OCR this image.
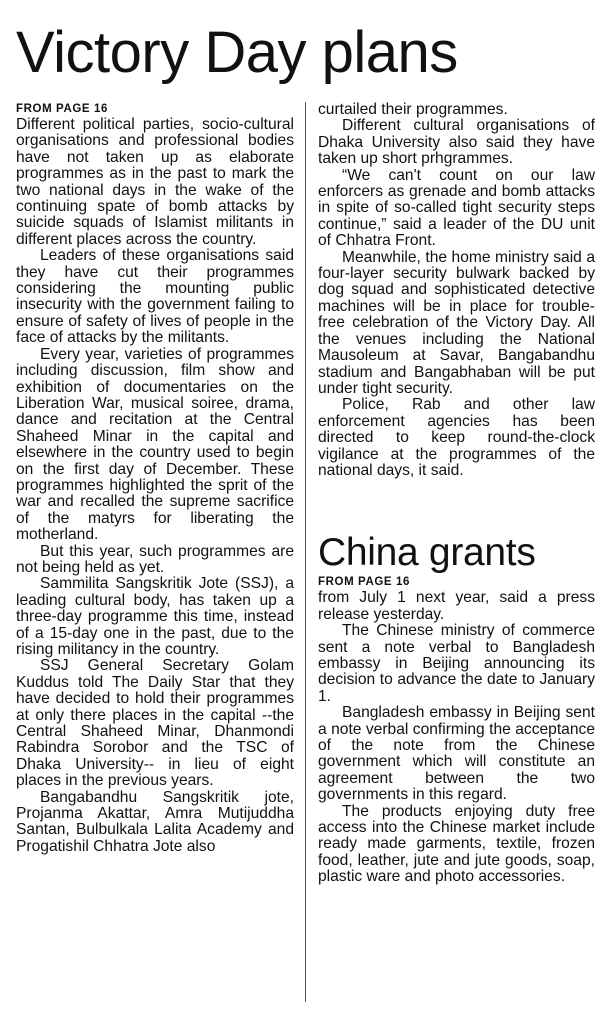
Victory Day plans

FROM PAGE 16

Different political parties, socio-cultural organisations and professional bodies have not taken up as elaborate programmes as in the past to mark the two national days in the wake of the continuing spate of bomb attacks by suicide squads of Islamist militants in different places across the country.

Leaders of these organisations said they have cut their programmes considering the mounting public insecurity with the government failing to ensure of safety of lives of people in the face of attacks by the militants.

Every year, varieties of programmes including discussion, film show and exhibition of documentaries on the Liberation War, musical soiree, drama, dance and recitation at the Central Shaheed Minar in the capital and elsewhere in the country used to begin on the first day of December. These programmes highlighted the sprit of the war and recalled the supreme sacrifice of the matyrs for liberating the motherland.

But this year, such programmes are not being held as yet.

Sammilita Sangskritik Jote (SSJ), a leading cultural body, has taken up a three-day programme this time, instead of a 15-day one in the past, due to the rising militancy in the country.

SSJ General Secretary Golam Kuddus told The Daily Star that they have decided to hold their programmes at only there places in the capital --the Central Shaheed Minar, Dhanmondi Rabindra Sorobor and the TSC of Dhaka University-- in lieu of eight places in the previous years.

Bangabandhu Sangskritik jote, Projanma Akattar, Amra Mutijuddha Santan, Bulbulkala Lalita Academy and Progatishil Chhatra Jote also

curtailed their programmes.

Different cultural organisations of Dhaka University also said they have taken up short prhgrammes.

“We can't count on our law enforcers as grenade and bomb attacks in spite of so-called tight security steps continue,” said a leader of the DU unit of Chhatra Front.

Meanwhile, the home ministry said a four-layer security bulwark backed by dog squad and sophisticated detective machines will be in place for trouble-free celebration of the Victory Day. All the venues including the National Mausoleum at Savar, Bangabandhu stadium and Bangabhaban will be put under tight security.

Police, Rab and other law enforcement agencies has been directed to keep round-the-clock vigilance at the programmes of the national days, it said.

China grants

FROM PAGE 16

from July 1 next year, said a press release yesterday.

The Chinese ministry of commerce sent a note verbal to Bangladesh embassy in Beijing announcing its decision to advance the date to January 1.

Bangladesh embassy in Beijing sent a note verbal confirming the acceptance of the note from the Chinese government which will constitute an agreement between the two governments in this regard.

The products enjoying duty free access into the Chinese market include ready made garments, textile, frozen food, leather, jute and jute goods, soap, plastic ware and photo accessories.
